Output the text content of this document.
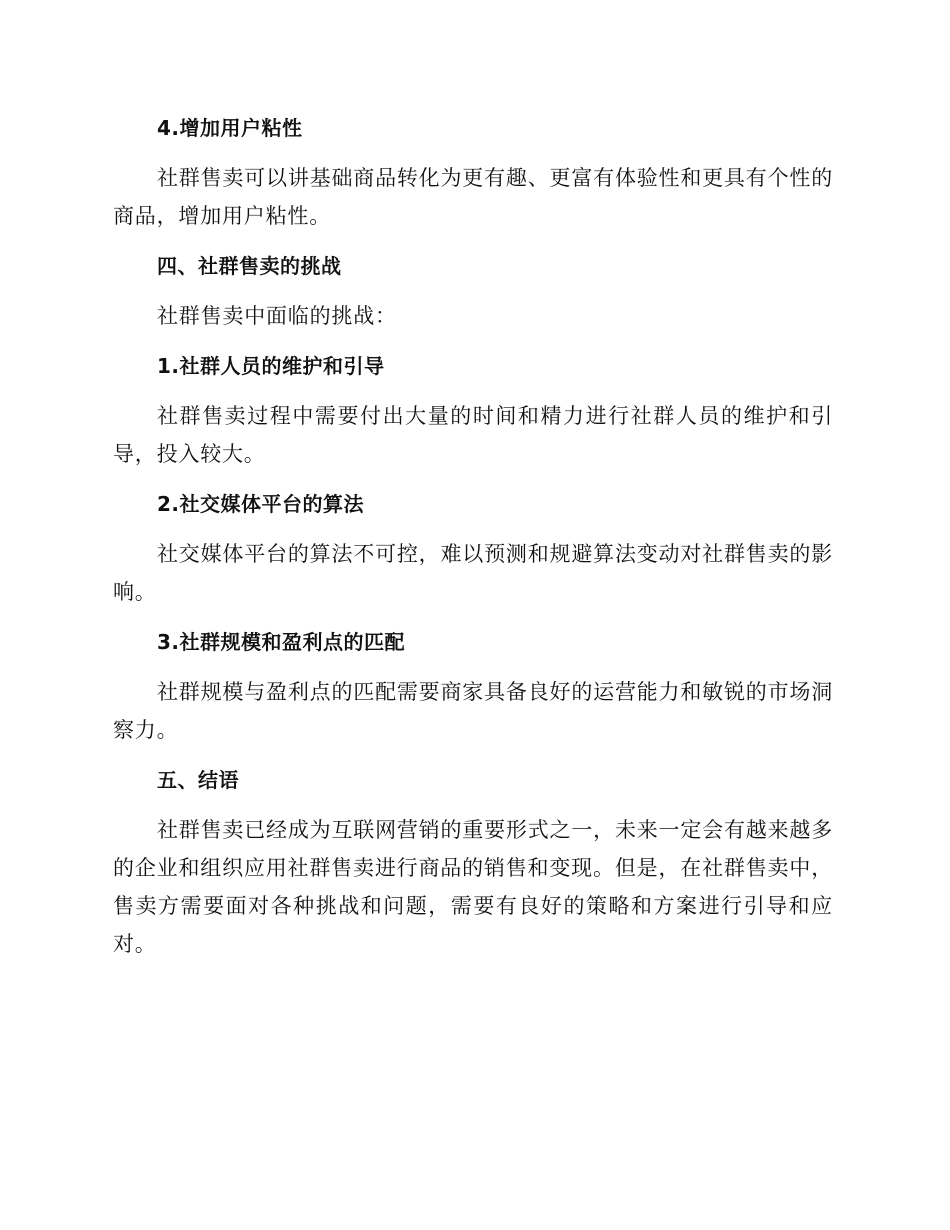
4.增加用户粘性

社群售卖可以讲基础商品转化为更有趣、更富有体验性和更具有个性的商品，增加用户粘性。

四、社群售卖的挑战

社群售卖中面临的挑战：

1.社群人员的维护和引导

社群售卖过程中需要付出大量的时间和精力进行社群人员的维护和引导，投入较大。

2.社交媒体平台的算法

社交媒体平台的算法不可控，难以预测和规避算法变动对社群售卖的影响。

3.社群规模和盈利点的匹配

社群规模与盈利点的匹配需要商家具备良好的运营能力和敏锐的市场洞察力。

五、结语

社群售卖已经成为互联网营销的重要形式之一，未来一定会有越来越多的企业和组织应用社群售卖进行商品的销售和变现。但是，在社群售卖中，售卖方需要面对各种挑战和问题，需要有良好的策略和方案进行引导和应对。
